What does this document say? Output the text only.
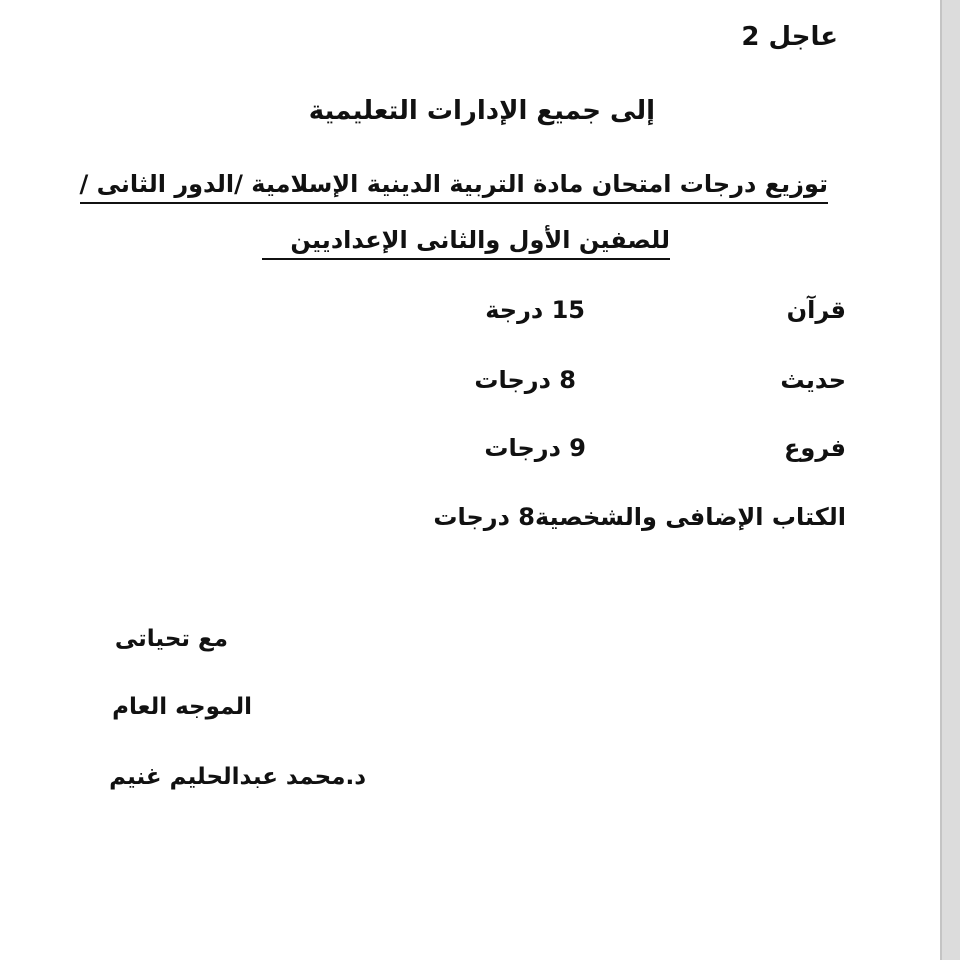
عاجل 2
إلى جميع الإدارات التعليمية
توزيع درجات امتحان مادة التربية الدينية الإسلامية /الدور الثانى /
للصفين الأول والثانى الإعداديين
قرآن
15 درجة
حديث
8 درجات
فروع
9 درجات
الكتاب الإضافى والشخصية
8 درجات
مع تحياتى
الموجه العام
د.محمد عبدالحليم غنيم
